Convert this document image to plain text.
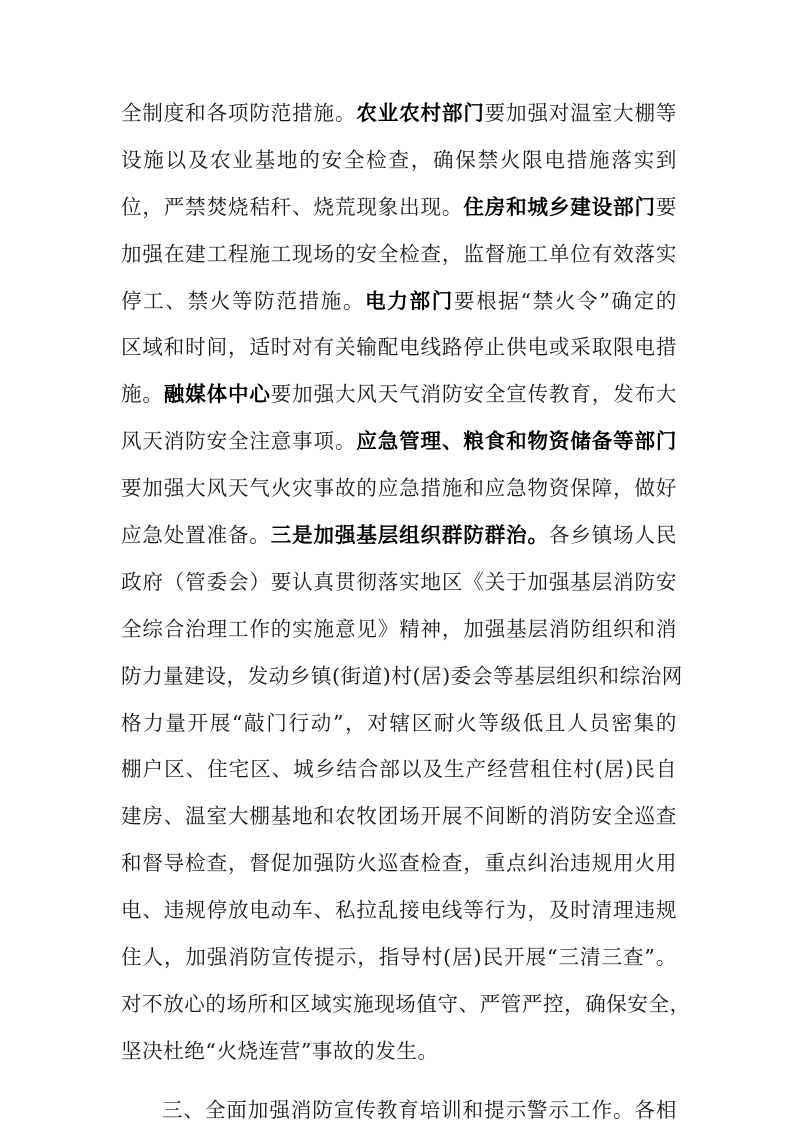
全制度和各项防范措施。农业农村部门要加强对温室大棚等
设施以及农业基地的安全检查，确保禁火限电措施落实到
位，严禁焚烧秸秆、烧荒现象出现。住房和城乡建设部门要
加强在建工程施工现场的安全检查，监督施工单位有效落实
停工、禁火等防范措施。电力部门要根据“禁火令”确定的
区域和时间，适时对有关输配电线路停止供电或采取限电措
施。融媒体中心要加强大风天气消防安全宣传教育，发布大
风天消防安全注意事项。应急管理、粮食和物资储备等部门
要加强大风天气火灾事故的应急措施和应急物资保障，做好
应急处置准备。三是加强基层组织群防群治。各乡镇场人民
政府（管委会）要认真贯彻落实地区《关于加强基层消防安
全综合治理工作的实施意见》精神，加强基层消防组织和消
防力量建设，发动乡镇(街道)村(居)委会等基层组织和综治网
格力量开展“敲门行动”，对辖区耐火等级低且人员密集的
棚户区、住宅区、城乡结合部以及生产经营租住村(居)民自
建房、温室大棚基地和农牧团场开展不间断的消防安全巡查
和督导检查，督促加强防火巡查检查，重点纠治违规用火用
电、违规停放电动车、私拉乱接电线等行为，及时清理违规
住人，加强消防宣传提示，指导村(居)民开展“三清三查”。
对不放心的场所和区域实施现场值守、严管严控，确保安全，
坚决杜绝“火烧连营”事故的发生。
三、全面加强消防宣传教育培训和提示警示工作。各相
